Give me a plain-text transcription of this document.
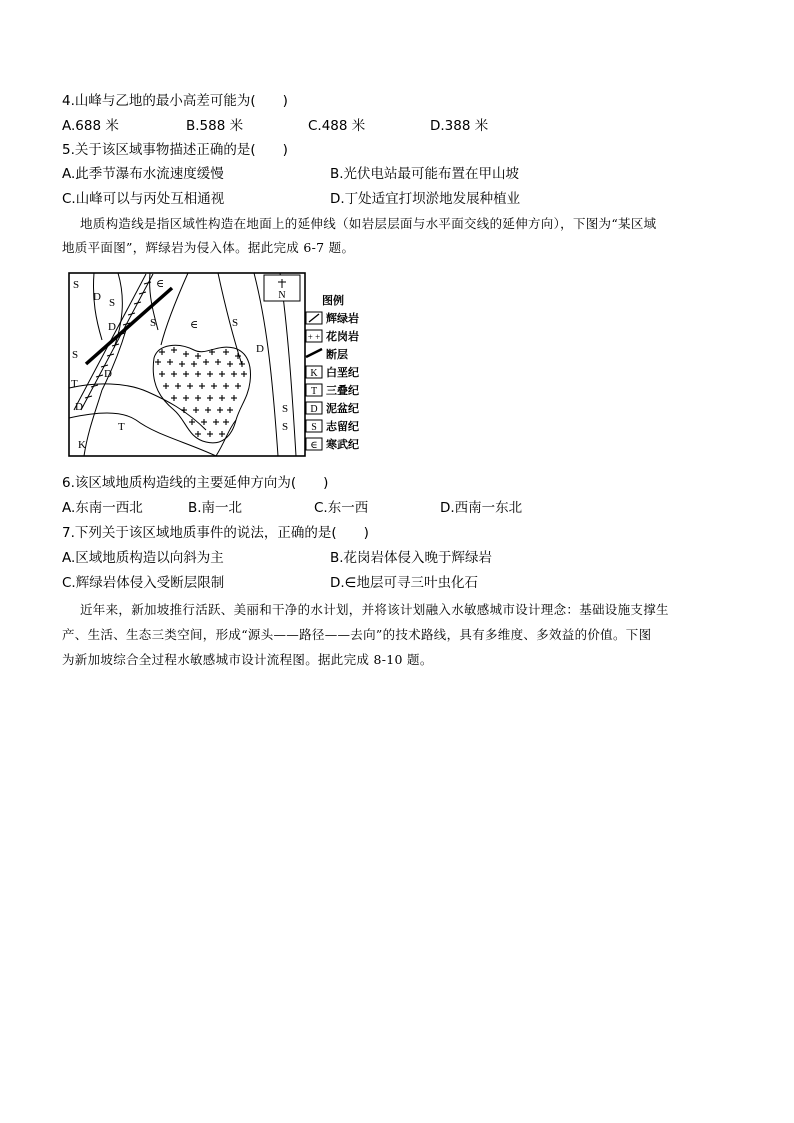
4.山峰与乙地的最小高差可能为(　　)
A.688 米	B.588 米	C.488 米	D.388 米
5.关于该区域事物描述正确的是(　　)
A.此季节瀑布水流速度缓慢	B.光伏电站最可能布置在甲山坡
C.山峰可以与丙处互相通视	D.丁处适宜打坝淤地发展种植业
地质构造线是指区域性构造在地面上的延伸线（如岩层层面与水平面交线的延伸方向），下图为“某区域
地质平面图”，辉绿岩为侵入体。据此完成 6-7 题。
N
S
D S
∈
D	S	∈	S
S	D
D
T
D
T
S
S
K
图例
辉绿岩
+ + 花岗岩
断层
K 白垩纪
T 三叠纪
D 泥盆纪
S 志留纪
∈ 寒武纪
6.该区域地质构造线的主要延伸方向为(　　)
A.东南一西北	B.南一北	C.东一西	D.西南一东北
7.下列关于该区域地质事件的说法，正确的是(　　)
A.区域地质构造以向斜为主	B.花岗岩体侵入晚于辉绿岩
C.辉绿岩体侵入受断层限制	D.∈地层可寻三叶虫化石
近年来，新加坡推行活跃、美丽和干净的水计划，并将该计划融入水敏感城市设计理念：基础设施支撑生
产、生活、生态三类空间，形成“源头——路径——去向”的技术路线，具有多维度、多效益的价值。下图
为新加坡综合全过程水敏感城市设计流程图。据此完成 8-10 题。
